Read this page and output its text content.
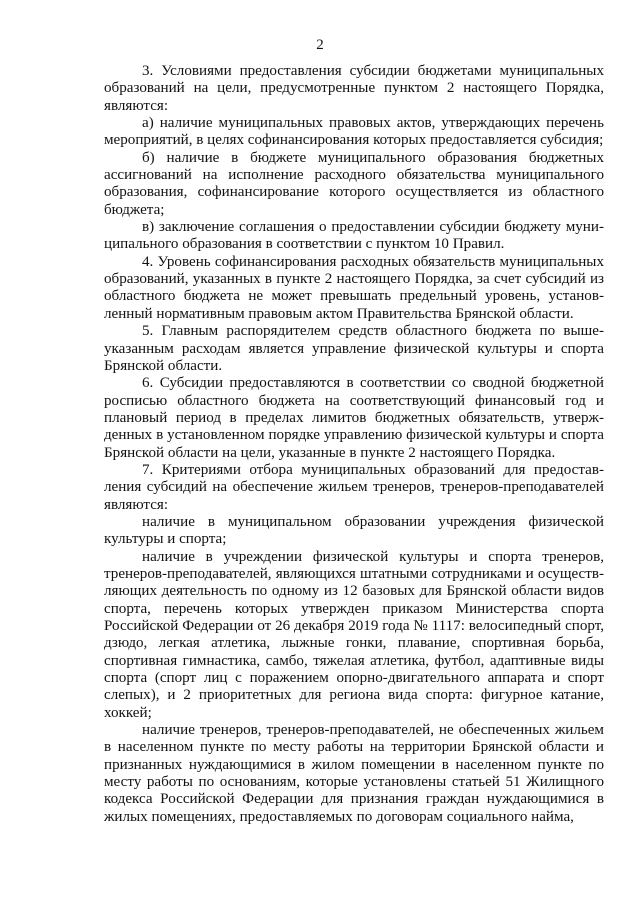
2

3. Условиями предоставления субсидии бюджетами муниципальных образований на цели, предусмотренные пунктом 2 настоящего Порядка, являются:

а) наличие муниципальных правовых актов, утверждающих перечень мероприятий, в целях софинансирования которых предоставляется субсидия;

б) наличие в бюджете муниципального образования бюджетных ассигнований на исполнение расходного обязательства муниципального образования, софинансирование которого осуществляется из областного бюджета;

в) заключение соглашения о предоставлении субсидии бюджету муниципального образования в соответствии с пунктом 10 Правил.

4. Уровень софинансирования расходных обязательств муниципальных образований, указанных в пункте 2 настоящего Порядка, за счет субсидий из областного бюджета не может превышать предельный уровень, установленный нормативным правовым актом Правительства Брянской области.

5. Главным распорядителем средств областного бюджета по вышеуказанным расходам является управление физической культуры и спорта Брянской области.

6. Субсидии предоставляются в соответствии со сводной бюджетной росписью областного бюджета на соответствующий финансовый год и плановый период в пределах лимитов бюджетных обязательств, утвержденных в установленном порядке управлению физической культуры и спорта Брянской области на цели, указанные в пункте 2 настоящего Порядка.

7. Критериями отбора муниципальных образований для предоставления субсидий на обеспечение жильем тренеров, тренеров-преподавателей являются:

наличие в муниципальном образовании учреждения физической культуры и спорта;

наличие в учреждении физической культуры и спорта тренеров, тренеров-преподавателей, являющихся штатными сотрудниками и осуществляющих деятельность по одному из 12 базовых для Брянской области видов спорта, перечень которых утвержден приказом Министерства спорта Российской Федерации от 26 декабря 2019 года № 1117: велосипедный спорт, дзюдо, легкая атлетика, лыжные гонки, плавание, спортивная борьба, спортивная гимнастика, самбо, тяжелая атлетика, футбол, адаптивные виды спорта (спорт лиц с поражением опорно-двигательного аппарата и спорт слепых), и 2 приоритетных для региона вида спорта: фигурное катание, хоккей;

наличие тренеров, тренеров-преподавателей, не обеспеченных жильем в населенном пункте по месту работы на территории Брянской области и признанных нуждающимися в жилом помещении в населенном пункте по месту работы по основаниям, которые установлены статьей 51 Жилищного кодекса Российской Федерации для признания граждан нуждающимися в жилых помещениях, предоставляемых по договорам социального найма,
